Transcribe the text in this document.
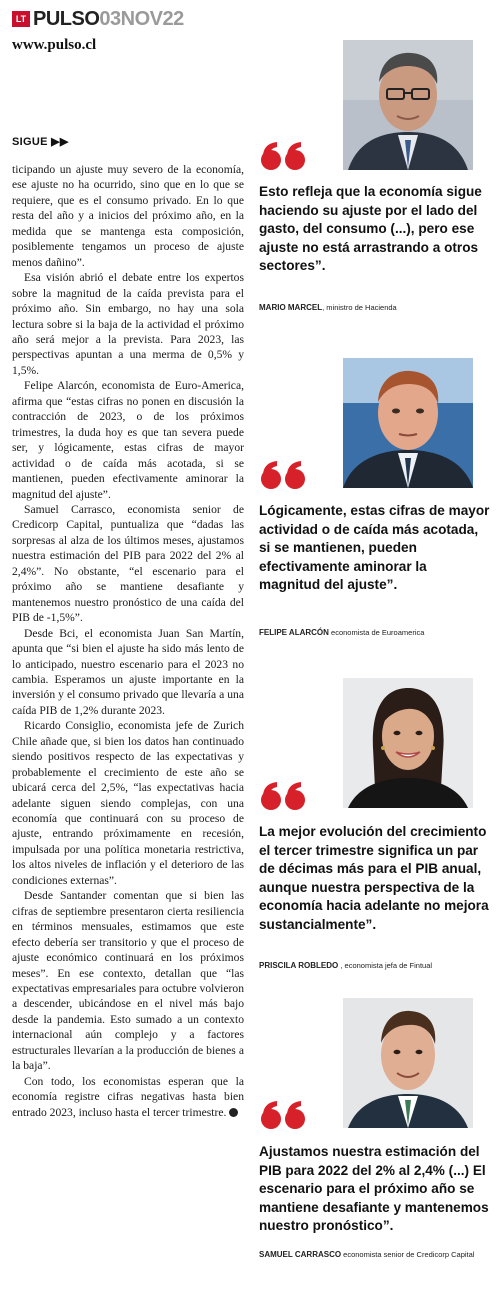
LT PULSO 03NOV22
www.pulso.cl
SIGUE ▶▶

ticipando un ajuste muy severo de la economía, ese ajuste no ha ocurrido, sino que en lo que se requiere, que es el consumo privado. En lo que resta del año y a inicios del próximo año, en la medida que se mantenga esta composición, posiblemente tengamos un proceso de ajuste menos dañino”.

Esa visión abrió el debate entre los expertos sobre la magnitud de la caída prevista para el próximo año. Sin embargo, no hay una sola lectura sobre si la baja de la actividad el próximo año será mejor a la prevista. Para 2023, las perspectivas apuntan a una merma de 0,5% y 1,5%.

Felipe Alarcón, economista de Euro-America, afirma que “estas cifras no ponen en discusión la contracción de 2023, o de los próximos trimestres, la duda hoy es que tan severa puede ser, y lógicamente, estas cifras de mayor actividad o de caída más acotada, si se mantienen, pueden efectivamente aminorar la magnitud del ajuste”.

Samuel Carrasco, economista senior de Credicorp Capital, puntualiza que “dadas las sorpresas al alza de los últimos meses, ajustamos nuestra estimación del PIB para 2022 del 2% al 2,4%”. No obstante, “el escenario para el próximo año se mantiene desafiante y mantenemos nuestro pronóstico de una caída del PIB de -1,5%”.

Desde Bci, el economista Juan San Martín, apunta que “si bien el ajuste ha sido más lento de lo anticipado, nuestro escenario para el 2023 no cambia. Esperamos un ajuste importante en la inversión y el consumo privado que llevaría a una caída PIB de 1,2% durante 2023.

Ricardo Consiglio, economista jefe de Zurich Chile añade que, si bien los datos han continuado siendo positivos respecto de las expectativas y probablemente el crecimiento de este año se ubicará cerca del 2,5%, “las expectativas hacia adelante siguen siendo complejas, con una economía que continuará con su proceso de ajuste, entrando próximamente en recesión, impulsada por una política monetaria restrictiva, los altos niveles de inflación y el deterioro de las condiciones externas”.

Desde Santander comentan que si bien las cifras de septiembre presentaron cierta resiliencia en términos mensuales, estimamos que este efecto debería ser transitorio y que el proceso de ajuste económico continuará en los próximos meses”. En ese contexto, detallan que “las expectativas empresariales para octubre volvieron a descender, ubicándose en el nivel más bajo desde la pandemia. Esto sumado a un contexto internacional aún complejo y a factores estructurales llevarían a la producción de bienes a la baja”.

Con todo, los economistas esperan que la economía registre cifras negativas hasta bien entrado 2023, incluso hasta el tercer trimestre. P

Esto refleja que la economía sigue haciendo su ajuste por el lado del gasto, del consumo (...), pero ese ajuste no está arrastrando a otros sectores”.

MARIO MARCEL, ministro de Hacienda

Lógicamente, estas cifras de mayor actividad o de caída más acotada, si se mantienen, pueden efectivamente aminorar la magnitud del ajuste”.

FELIPE ALARCÓN economista de Euroamerica

La mejor evolución del crecimiento el tercer trimestre significa un par de décimas más para el PIB anual, aunque nuestra perspectiva de la economía hacia adelante no mejora sustancialmente”.

PRISCILA ROBLEDO , economista jefa de Fintual

Ajustamos nuestra estimación del PIB para 2022 del 2% al 2,4% (...) El escenario para el próximo año se mantiene desafiante y mantenemos nuestro pronóstico”.

SAMUEL CARRASCO economista senior de Credicorp Capital
